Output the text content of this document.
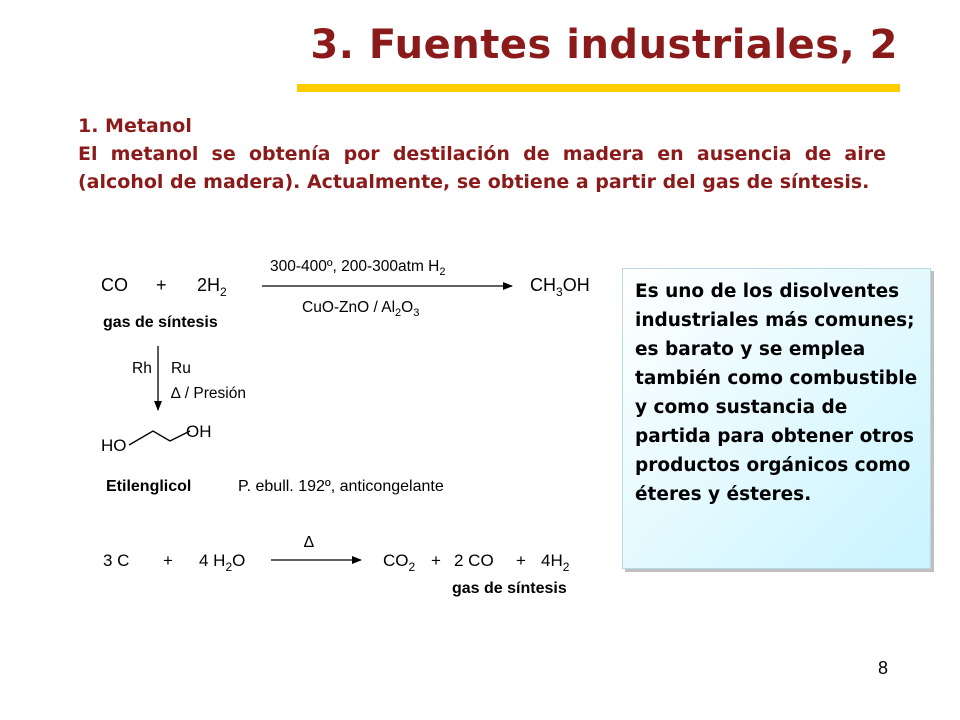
3. Fuentes industriales, 2
1. Metanol
El metanol se obtenía por destilación de madera en ausencia de aire (alcohol de madera). Actualmente, se obtiene a partir del gas de síntesis.
CO + $2H_2$
300-400º, 200-300atm $H_2$
$CuO-ZnO / Al_2O_3$
$CH_3OH$
gas de síntesis
Rh Ru
∆ / Presión
HO
OH
Etilenglicol	P. ebull. 192º, anticongelante
3 C + 4 $H_2O$
∆
$CO_2 + 2$ CO + $4H_2$
gas de síntesis
Es uno de los disolventes industriales más comunes; es barato y se emplea también como combustible y como sustancia de partida para obtener otros productos orgánicos como éteres y ésteres.
8
